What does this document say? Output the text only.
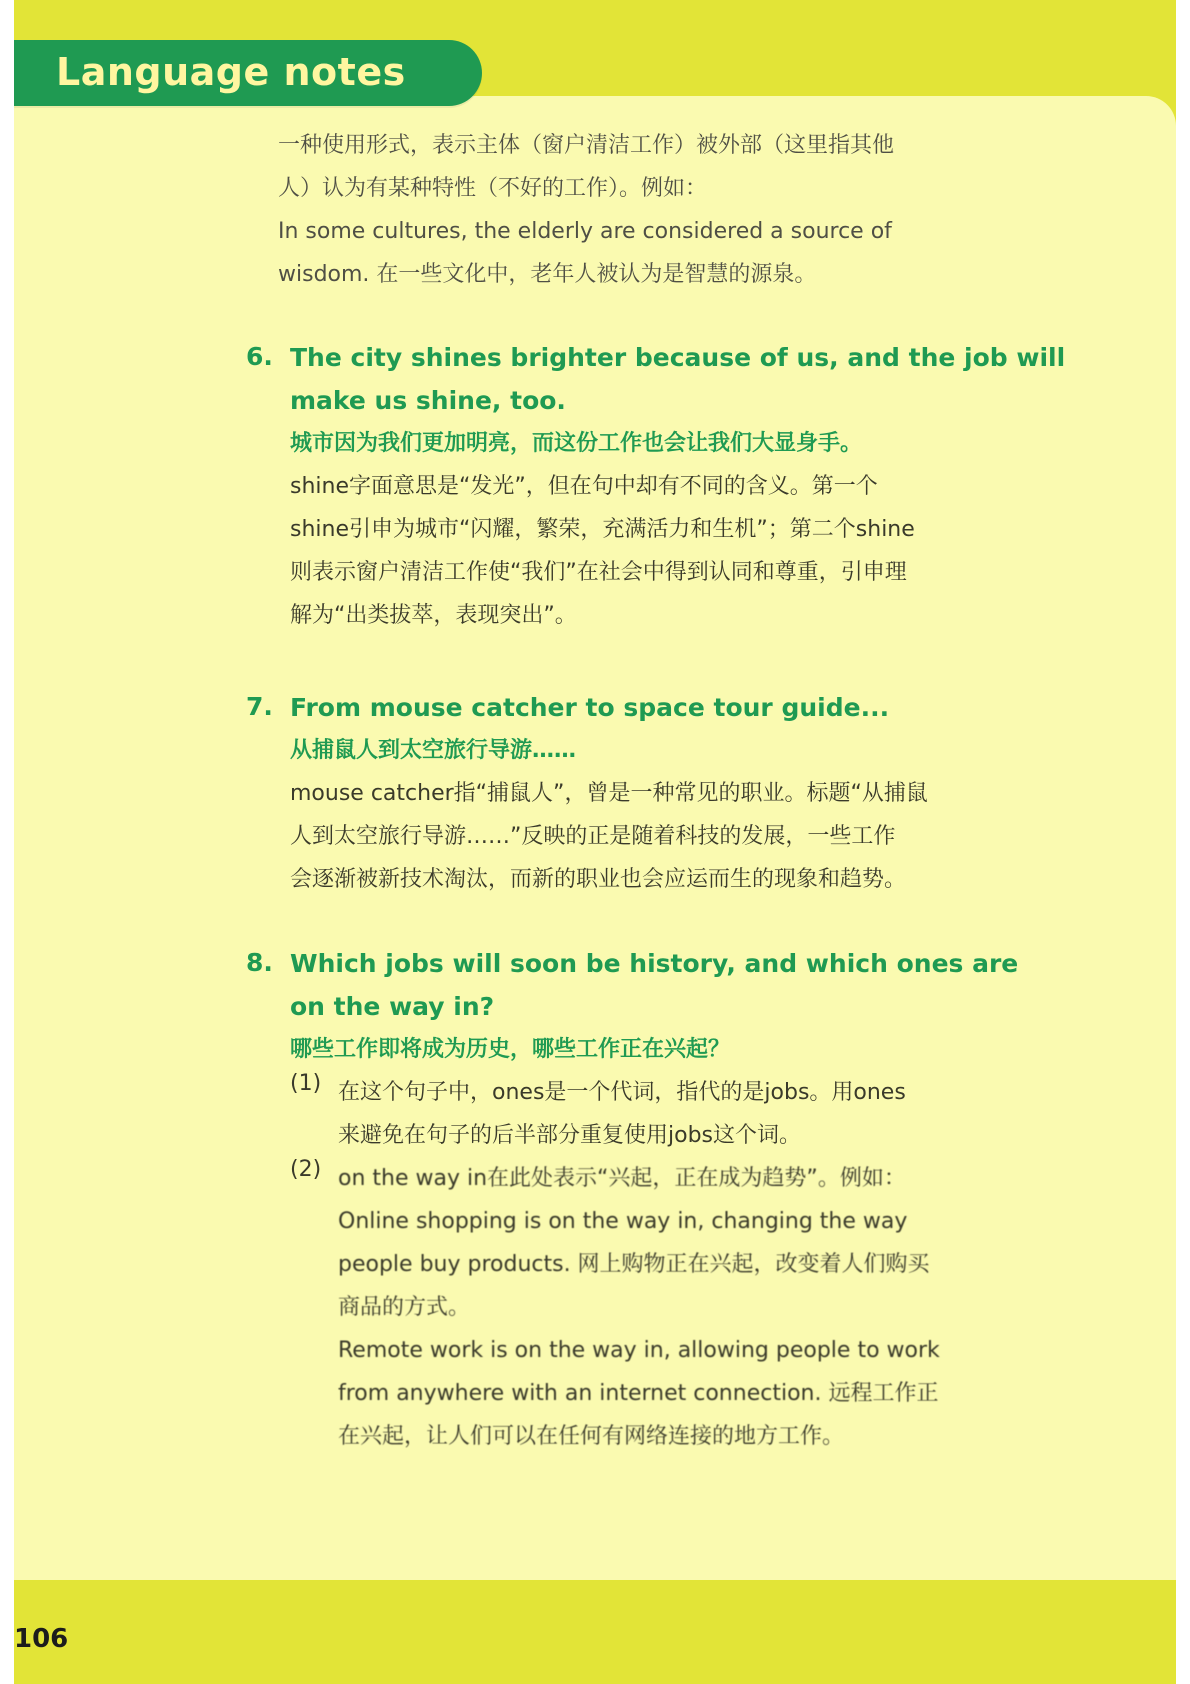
Language notes
一种使用形式，表示主体（窗户清洁工作）被外部（这里指其他
人）认为有某种特性（不好的工作）。例如：
In some cultures, the elderly are considered a source of
wisdom. 在一些文化中，老年人被认为是智慧的源泉。
6. The city shines brighter because of us, and the job will
make us shine, too.
城市因为我们更加明亮，而这份工作也会让我们大显身手。
shine字面意思是“发光”，但在句中却有不同的含义。第一个
shine引申为城市“闪耀，繁荣，充满活力和生机”；第二个shine
则表示窗户清洁工作使“我们”在社会中得到认同和尊重，引申理
解为“出类拔萃，表现突出”。
7. From mouse catcher to space tour guide...
从捕鼠人到太空旅行导游……
mouse catcher指“捕鼠人”，曾是一种常见的职业。标题“从捕鼠
人到太空旅行导游……”反映的正是随着科技的发展，一些工作
会逐渐被新技术淘汰，而新的职业也会应运而生的现象和趋势。
8. Which jobs will soon be history, and which ones are
on the way in?
哪些工作即将成为历史，哪些工作正在兴起？
(1) 在这个句子中，ones是一个代词，指代的是jobs。用ones
来避免在句子的后半部分重复使用jobs这个词。
(2) on the way in在此处表示“兴起，正在成为趋势”。例如：
Online shopping is on the way in, changing the way
people buy products. 网上购物正在兴起，改变着人们购买
商品的方式。
Remote work is on the way in, allowing people to work
from anywhere with an internet connection. 远程工作正
在兴起，让人们可以在任何有网络连接的地方工作。
106
